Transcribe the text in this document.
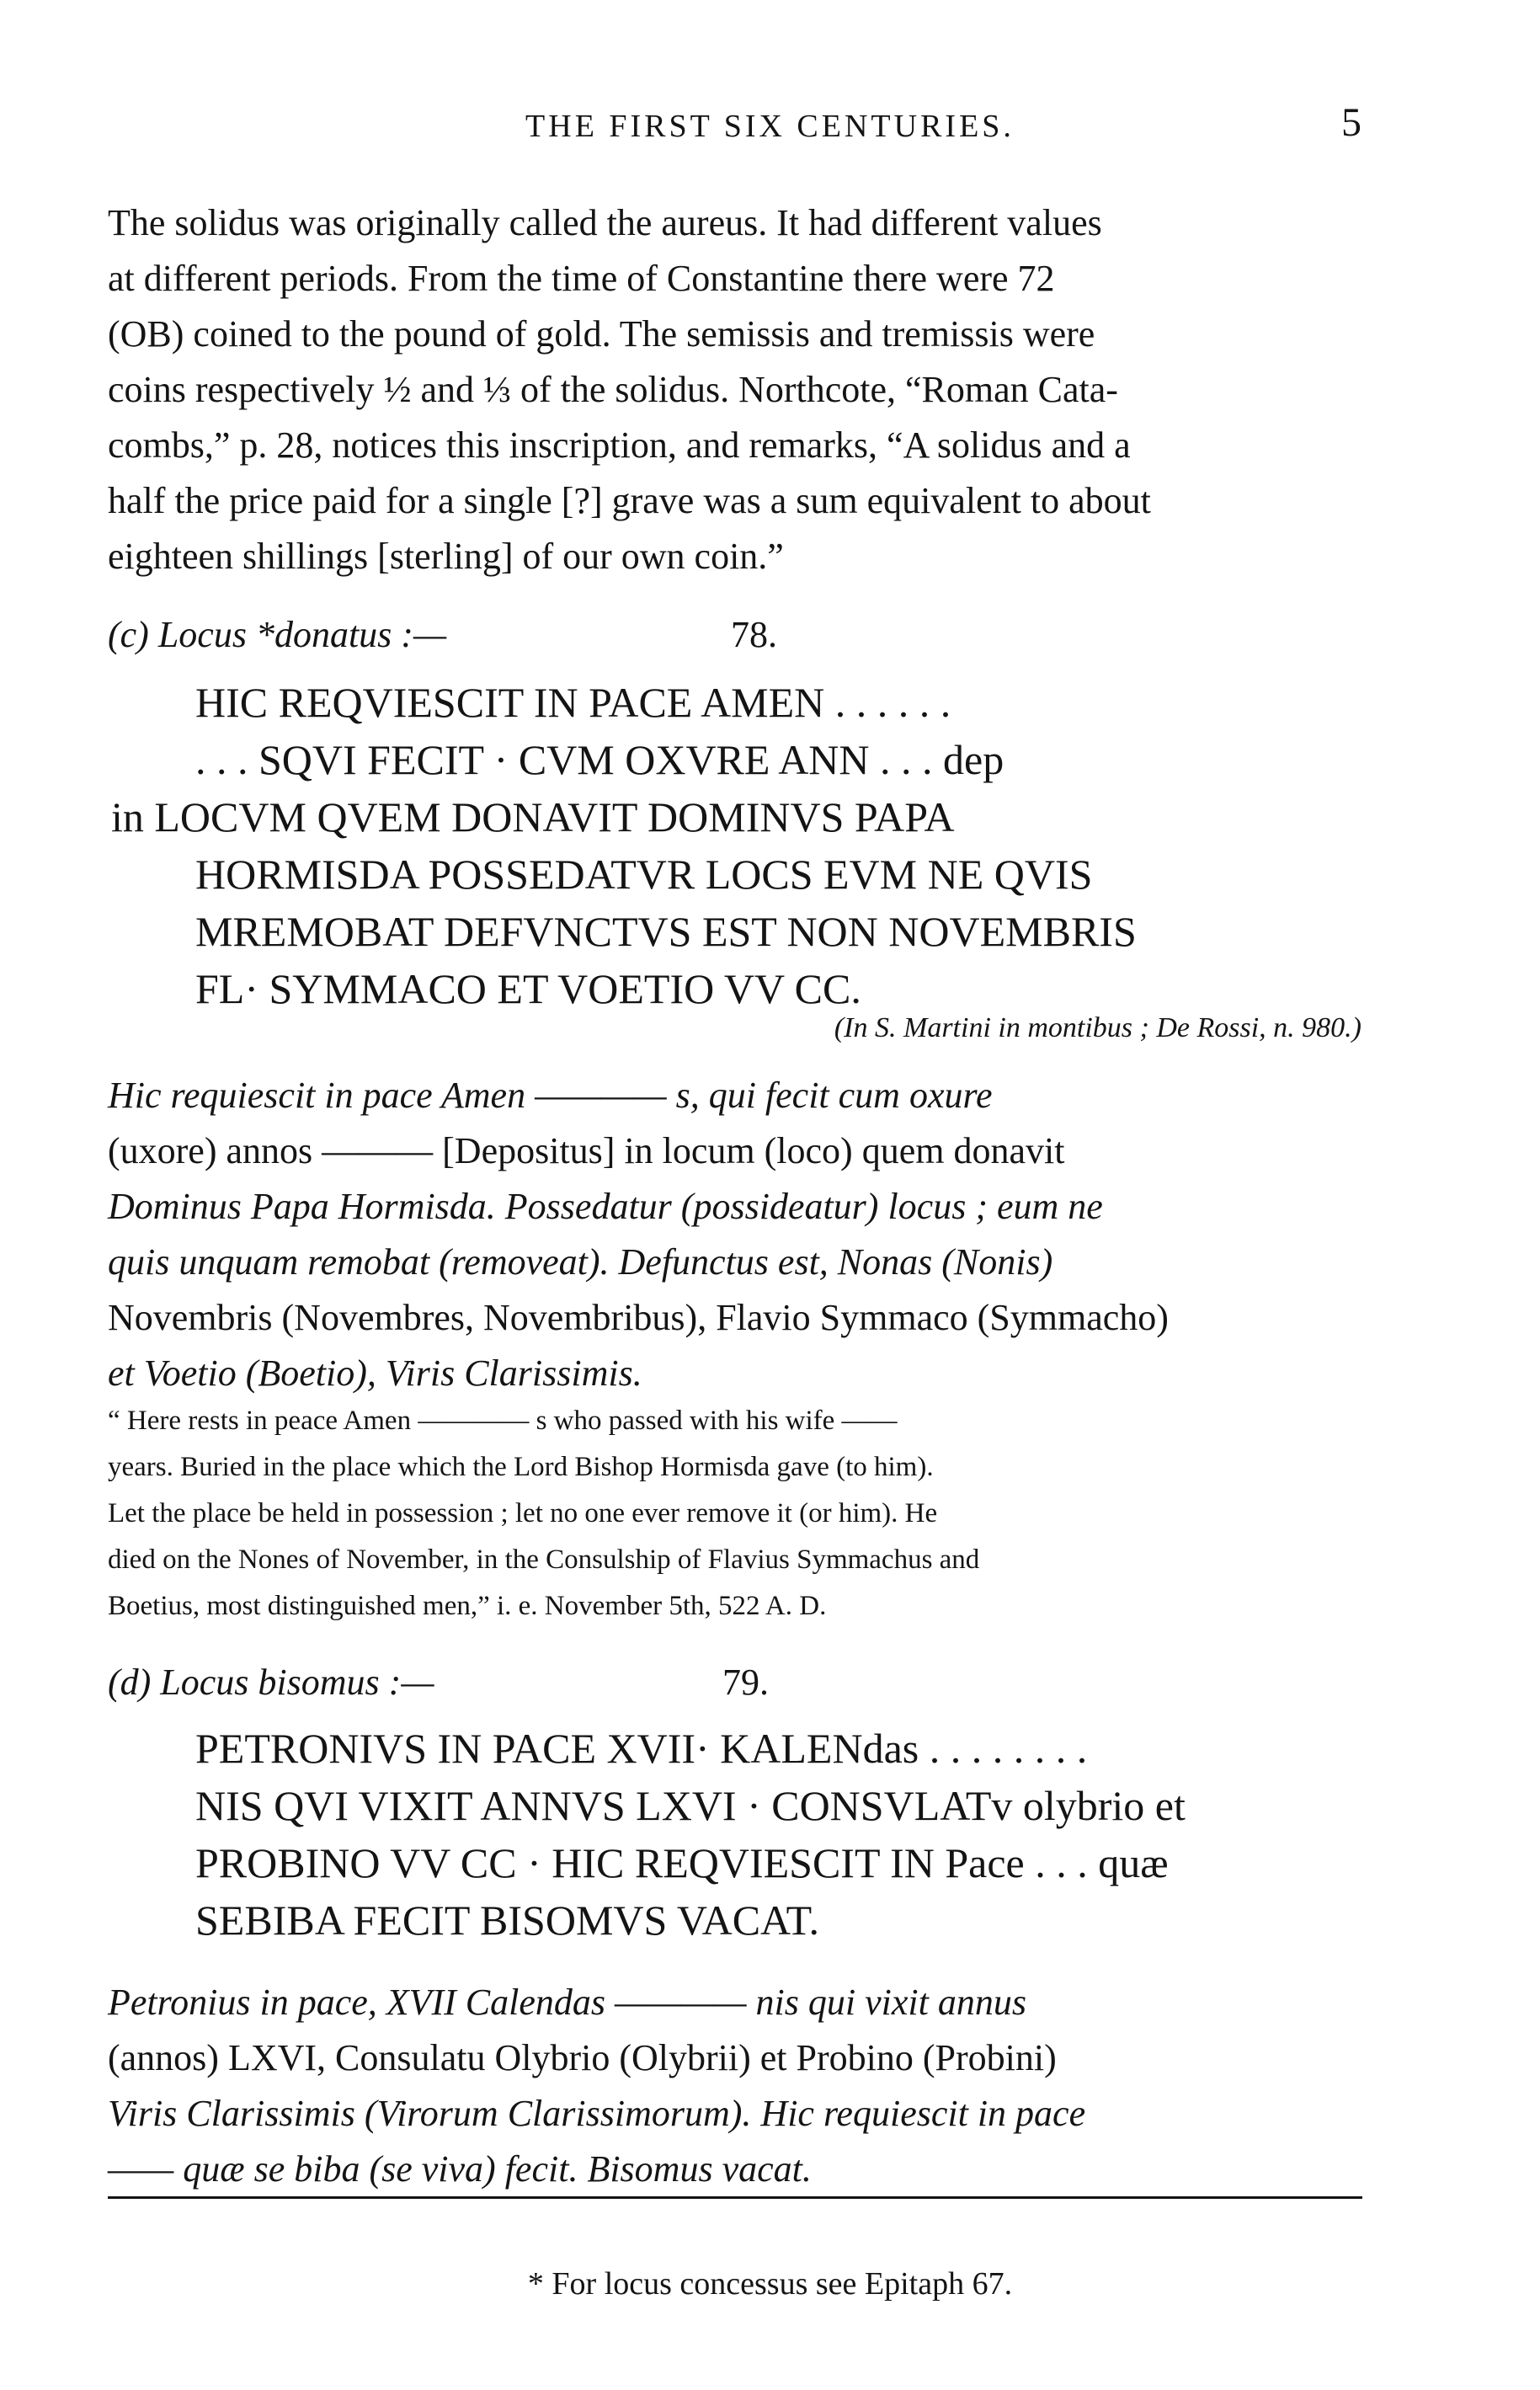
THE FIRST SIX CENTURIES.	5
The solidus was originally called the aureus. It had different values
at different periods. From the time of Constantine there were 72
(OB) coined to the pound of gold. The semissis and tremissis were
coins respectively ½ and ⅓ of the solidus. Northcote, “Roman Cata-
combs,” p. 28, notices this inscription, and remarks, “A solidus and a
half the price paid for a single [?] grave was a sum equivalent to about
eighteen shillings [sterling] of our own coin.”
(c) Locus *donatus :—	78.
HIC REQVIESCIT IN PACE AMEN . . . . . .
. . . SQVI FECIT · CVM OXVRE ANN . . . dep
in LOCVM QVEM DONAVIT DOMINVS PAPA
HORMISDA POSSEDATVR LOCS EVM NE QVIS
MREMOBAT DEFVNCTVS EST NON NOVEMBRIS
FL· SYMMACO ET VOETIO VV CC.
(In S. Martini in montibus ; De Rossi, n. 980.)
Hic requiescit in pace Amen ———— s, qui fecit cum oxure
(uxore) annos ——— [Depositus] in locum (loco) quem donavit
Dominus Papa Hormisda. Possedatur (possideatur) locus ; eum ne
quis unquam remobat (removeat). Defunctus est, Nonas (Nonis)
Novembris (Novembres, Novembribus), Flavio Symmaco (Symmacho)
et Voetio (Boetio), Viris Clarissimis.
“ Here rests in peace Amen ———— s who passed with his wife ——
years. Buried in the place which the Lord Bishop Hormisda gave (to him).
Let the place be held in possession ; let no one ever remove it (or him). He
died on the Nones of November, in the Consulship of Flavius Symmachus and
Boetius, most distinguished men,” i. e. November 5th, 522 A. D.
(d) Locus bisomus :—	79.
PETRONIVS IN PACE XVII· KALENdas . . . . . . . .
NIS QVI VIXIT ANNVS LXVI · CONSVLATv olybrio et
PROBINO VV CC · HIC REQVIESCIT IN Pace . . . quæ
SEBIBA FECIT BISOMVS VACAT.
Petronius in pace, XVII Calendas ———— nis qui vixit annus
(annos) LXVI, Consulatu Olybrio (Olybrii) et Probino (Probini)
Viris Clarissimis (Virorum Clarissimorum). Hic requiescit in pace
—— quæ se biba (se viva) fecit. Bisomus vacat.
* For locus concessus see Epitaph 67.
